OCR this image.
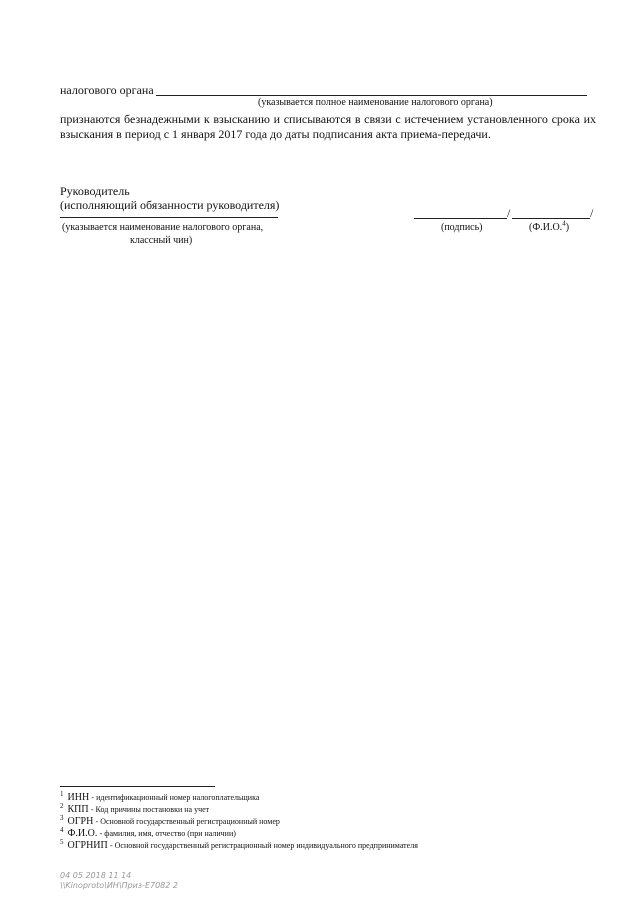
налогового органа
(указывается полное наименование налогового органа)
признаются безнадежными к взысканию и списываются в связи с истечением установленного срока их
взыскания в период с 1 января 2017 года до даты подписания акта приема-передачи.
Руководитель
(исполняющий обязанности руководителя)
(указывается наименование налогового органа,
классный чин)
/	/
(подпись)	(Ф.И.О.$^4$)
$^1$ ИНН - идентификационный номер налогоплательщика
$^2$ КПП - Код причины постановки на учет
$^3$ ОГРН - Основной государственный регистрационный номер
$^4$ Ф.И.О. - фамилия, имя, отчество (при наличии)
$^5$ ОГРНИП - Основной государственный регистрационный номер индивидуального предпринимателя
04 05 2018 11 14
\\Kinoproto\ИН\Приз-Е7082 2
